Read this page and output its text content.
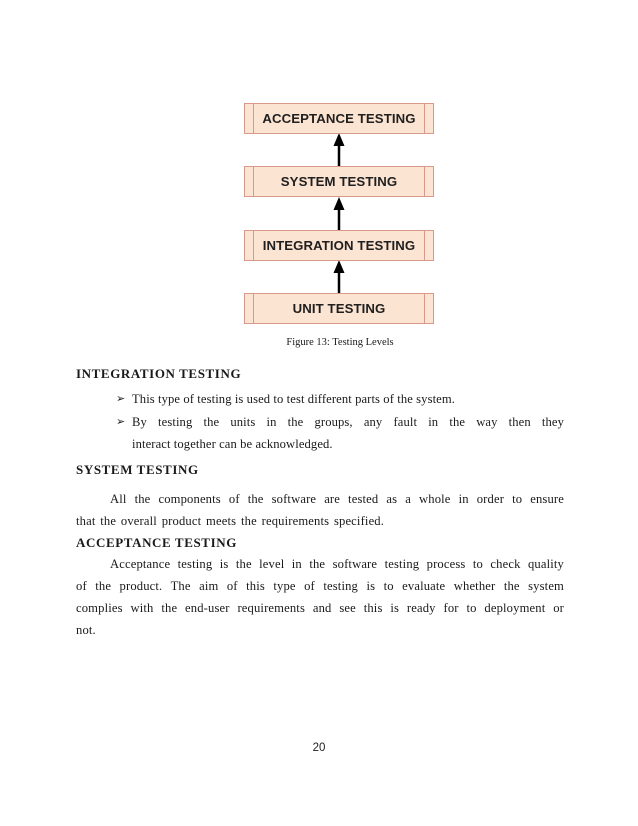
ACCEPTANCE TESTING
SYSTEM TESTING
INTEGRATION TESTING
UNIT TESTING
Figure 13: Testing Levels
INTEGRATION TESTING
➢ This type of testing is used to test different parts of the system.
➢ By testing the units in the groups, any fault in the way then they
interact together can be acknowledged.
SYSTEM TESTING
All the components of the software are tested as a whole in order to ensure
that the overall product meets the requirements specified.
ACCEPTANCE TESTING
Acceptance testing is the level in the software testing process to check quality
of the product. The aim of this type of testing is to evaluate whether the system
complies with the end-user requirements and see this is ready for to deployment or
not.
20
